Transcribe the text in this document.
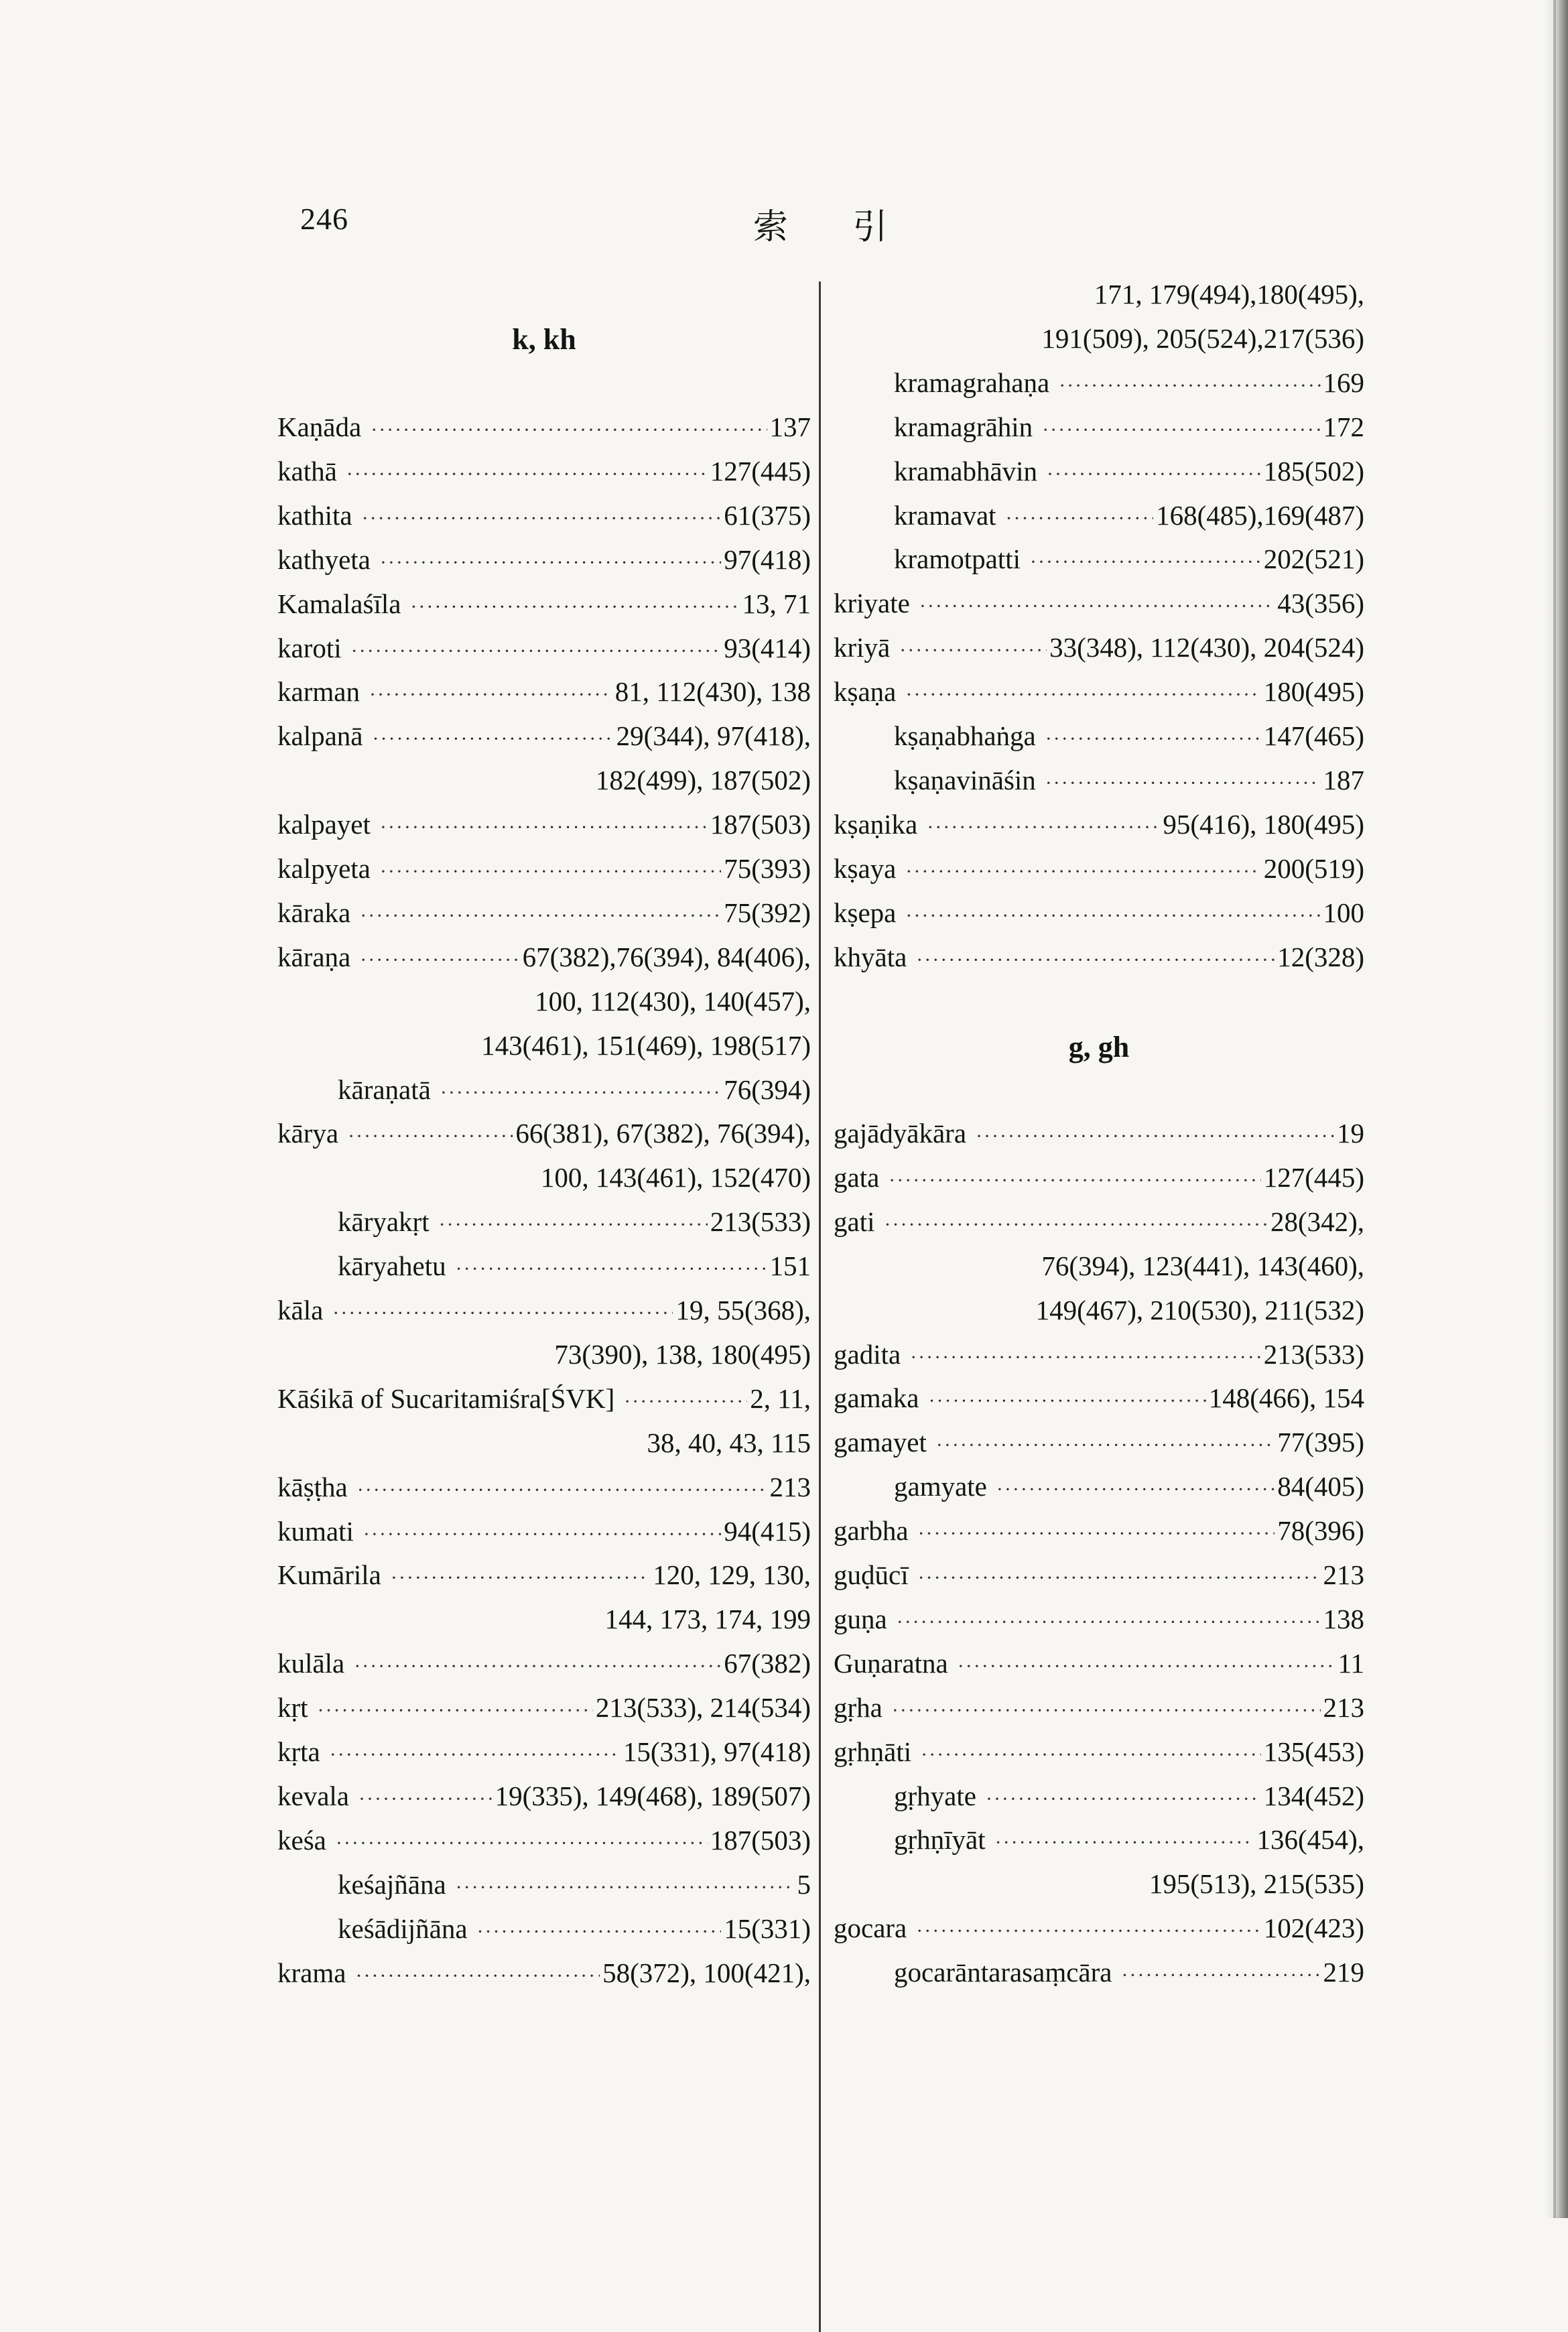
246	索 引
k, kh
Kaṇāda ·····	137
kathā ·····	127(445)
kathita ·····	61(375)
kathyeta ·····	97(418)
Kamalaśīla ·····	13, 71
karoti ·····	93(414)
karman ·····	81, 112(430), 138
kalpanā ·····	29(344), 97(418),
182(499), 187(502)
kalpayet ·····	187(503)
kalpyeta ·····	75(393)
kāraka ·····	75(392)
kāraṇa ·····	67(382),76(394), 84(406),
100, 112(430), 140(457),
143(461), 151(469), 198(517)
kāraṇatā ·····	76(394)
kārya ·····	66(381), 67(382), 76(394),
100, 143(461), 152(470)
kāryakṛt ·····	213(533)
kāryahetu ·····	151
kāla ·····	19, 55(368),
73(390), 138, 180(495)
Kāśikā of Sucaritamiśra[ŚVK] ·····	2, 11,
38, 40, 43, 115
kāṣṭha ·····	213
kumati ·····	94(415)
Kumārila ·····	120, 129, 130,
144, 173, 174, 199
kulāla ·····	67(382)
kṛt ·····	213(533), 214(534)
kṛta ·····	15(331), 97(418)
kevala ·····	19(335), 149(468), 189(507)
keśa ·····	187(503)
keśajñāna ·····	5
keśādijñāna ·····	15(331)
krama ·····	58(372), 100(421),
171, 179(494),180(495),
191(509), 205(524),217(536)
kramagrahaṇa ·····	169
kramagrāhin ·····	172
kramabhāvin ·····	185(502)
kramavat ·····	168(485),169(487)
kramotpatti ·····	202(521)
kriyate ·····	43(356)
kriyā ·····	33(348), 112(430), 204(524)
kṣaṇa ·····	180(495)
kṣaṇabhaṅga ·····	147(465)
kṣaṇavināśin ·····	187
kṣaṇika ·····	95(416), 180(495)
kṣaya ·····	200(519)
kṣepa ·····	100
khyāta ·····	12(328)
g, gh
gajādyākāra ·····	19
gata ·····	127(445)
gati ·····	28(342),
76(394), 123(441), 143(460),
149(467), 210(530), 211(532)
gadita ·····	213(533)
gamaka ·····	148(466), 154
gamayet ·····	77(395)
gamyate ·····	84(405)
garbha ·····	78(396)
guḍūcī ·····	213
guṇa ·····	138
Guṇaratna ·····	11
gṛha ·····	213
gṛhṇāti ·····	135(453)
gṛhyate ·····	134(452)
gṛhṇīyāt ·····	136(454),
195(513), 215(535)
gocara ·····	102(423)
gocarāntarasaṃcāra ·····	219
